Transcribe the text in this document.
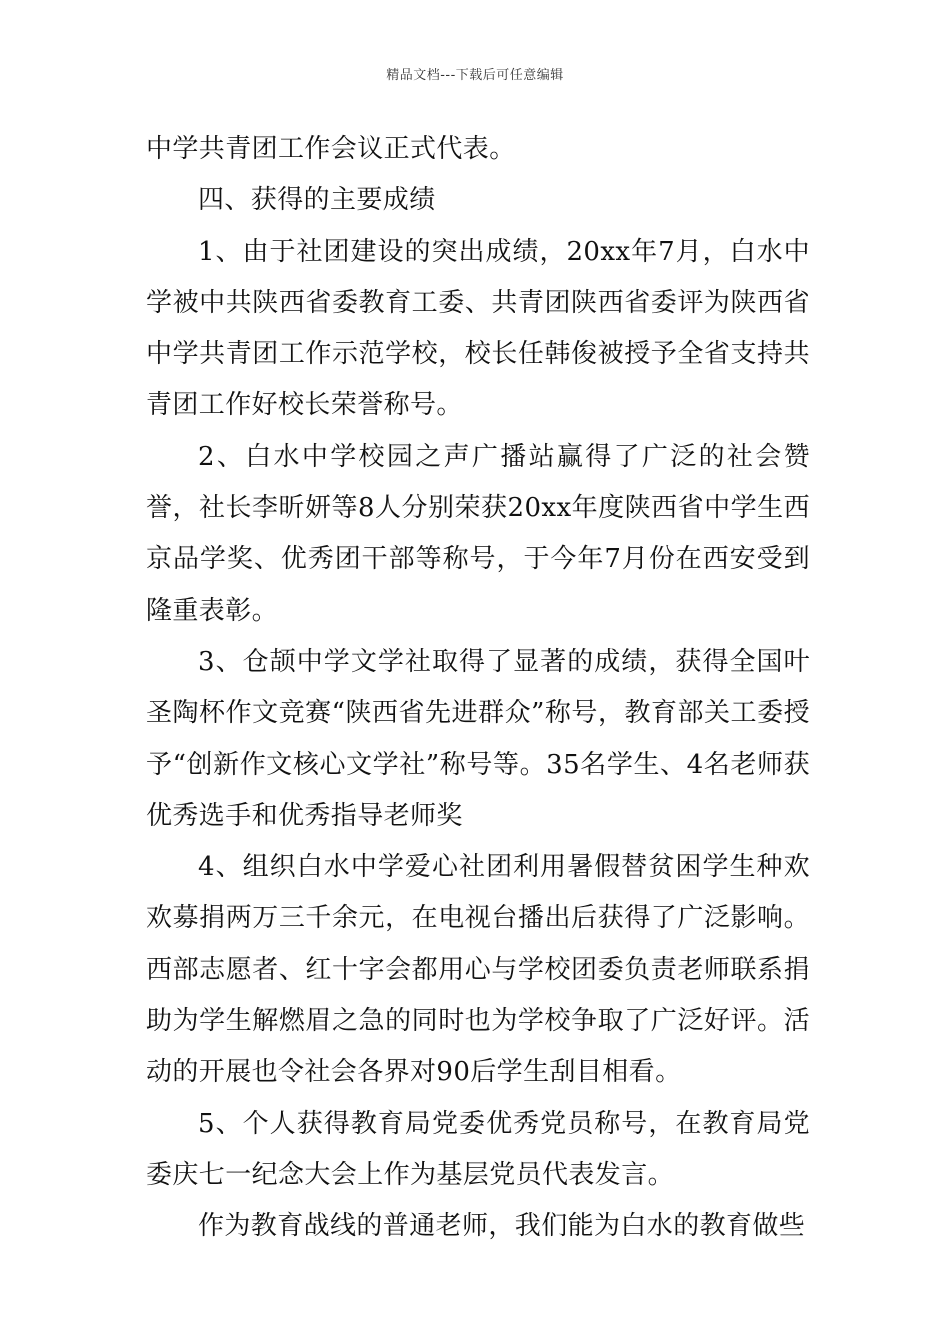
精品文档---下载后可任意编辑

中学共青团工作会议正式代表。

四、获得的主要成绩

1、由于社团建设的突出成绩，20xx年7月，白水中学被中共陕西省委教育工委、共青团陕西省委评为陕西省中学共青团工作示范学校，校长任韩俊被授予全省支持共青团工作好校长荣誉称号。

2、白水中学校园之声广播站赢得了广泛的社会赞誉，社长李昕妍等8人分别荣获20xx年度陕西省中学生西京品学奖、优秀团干部等称号，于今年7月份在西安受到隆重表彰。

3、仓颉中学文学社取得了显著的成绩，获得全国叶圣陶杯作文竞赛“陕西省先进群众”称号，教育部关工委授予“创新作文核心文学社”称号等。35名学生、4名老师获优秀选手和优秀指导老师奖

4、组织白水中学爱心社团利用暑假替贫困学生种欢欢募捐两万三千余元，在电视台播出后获得了广泛影响。西部志愿者、红十字会都用心与学校团委负责老师联系捐助为学生解燃眉之急的同时也为学校争取了广泛好评。活动的开展也令社会各界对90后学生刮目相看。

5、个人获得教育局党委优秀党员称号，在教育局党委庆七一纪念大会上作为基层党员代表发言。

作为教育战线的普通老师，我们能为白水的教育做些
